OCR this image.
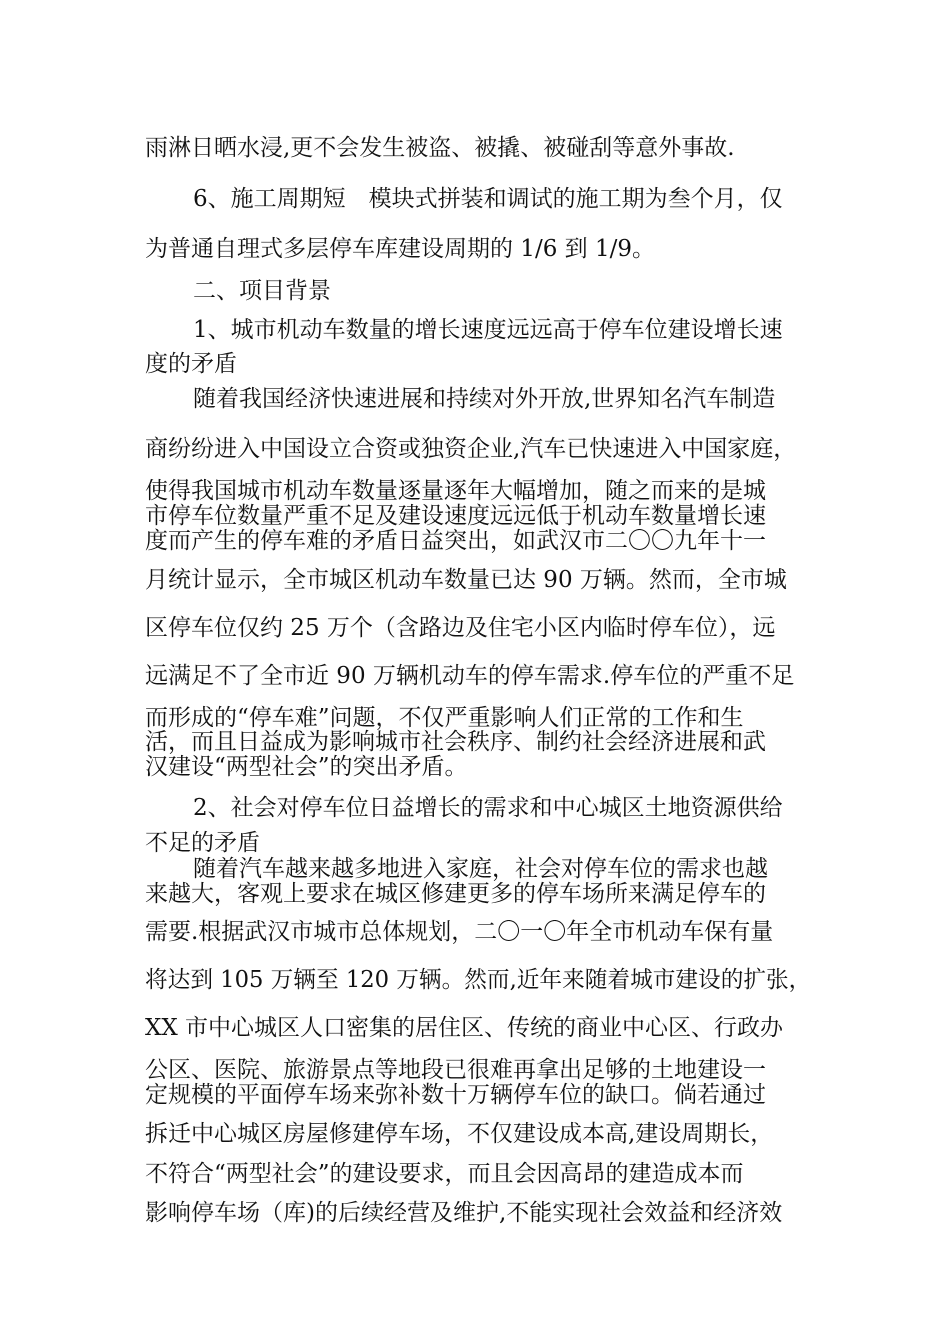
雨淋日晒水浸,更不会发生被盗、被撬、被碰刮等意外事故.
6、施工周期短　模块式拼装和调试的施工期为叁个月，仅
为普通自理式多层停车库建设周期的 1/6 到 1/9。
二、项目背景
1、城市机动车数量的增长速度远远高于停车位建设增长速
度的矛盾
随着我国经济快速进展和持续对外开放,世界知名汽车制造
商纷纷进入中国设立合资或独资企业,汽车已快速进入中国家庭，
使得我国城市机动车数量逐量逐年大幅增加，随之而来的是城
市停车位数量严重不足及建设速度远远低于机动车数量增长速
度而产生的停车难的矛盾日益突出，如武汉市二〇〇九年十一
月统计显示，全市城区机动车数量已达 90 万辆。然而，全市城
区停车位仅约 25 万个（含路边及住宅小区内临时停车位），远
远满足不了全市近 90 万辆机动车的停车需求.停车位的严重不足
而形成的“停车难”问题，不仅严重影响人们正常的工作和生
活，而且日益成为影响城市社会秩序、制约社会经济进展和武
汉建设“两型社会”的突出矛盾。
2、社会对停车位日益增长的需求和中心城区土地资源供给
不足的矛盾
随着汽车越来越多地进入家庭，社会对停车位的需求也越
来越大，客观上要求在城区修建更多的停车场所来满足停车的
需要.根据武汉市城市总体规划，二〇一〇年全市机动车保有量
将达到 105 万辆至 120 万辆。然而,近年来随着城市建设的扩张，
XX 市中心城区人口密集的居住区、传统的商业中心区、行政办
公区、医院、旅游景点等地段已很难再拿出足够的土地建设一
定规模的平面停车场来弥补数十万辆停车位的缺口。倘若通过
拆迁中心城区房屋修建停车场，不仅建设成本高,建设周期长，
不符合“两型社会”的建设要求，而且会因高昂的建造成本而
影响停车场（库)的后续经营及维护,不能实现社会效益和经济效
